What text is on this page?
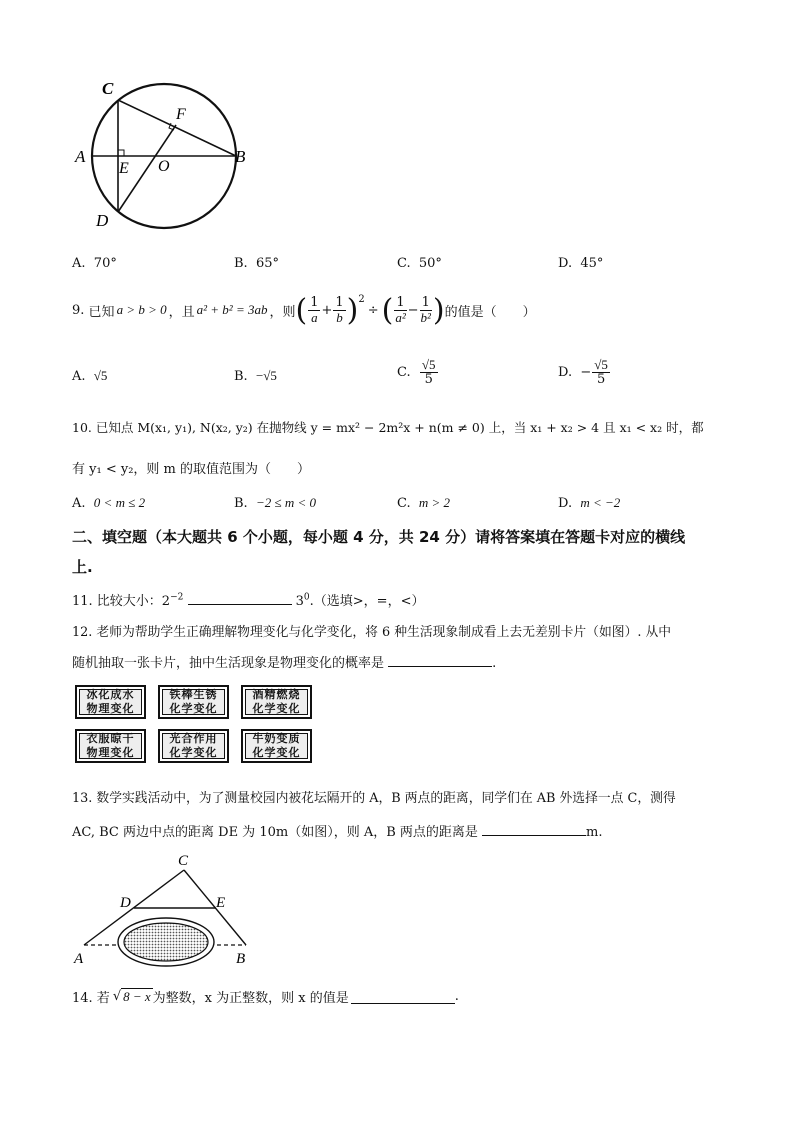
C
F
A
E O
B
D
A. 70°	B. 65°	C. 50°	D. 45°
9.
已知 a > b > 0 ，且 a² + b² = 3ab ，则 ( $\frac{1}{a} + \frac{1}{b} )^2$
÷ ( $\frac{1}{\text{a²}} - \frac{1}{\text{b²}}$ ) 的值是（　　）
A. √5	B. −√5	C.
$\frac{√5}{5}$	D.
− $\frac{√5}{5}$
10. 已知点 M(x₁, y₁), N(x₂, y₂) 在抛物线 y = mx² − 2m²x + n(m ≠ 0) 上，当 x₁ + x₂ > 4 且 x₁ < x₂ 时，都
有 y₁ < y₂，则 m 的取值范围为（　　）
A. 0 < m ≤ 2	B. −2 ≤ m < 0	C. m > 2	D. m < −2
二、填空题（本大题共 6 个小题，每小题 4 分，共 24 分）请将答案填在答题卡对应的横线
上.
11. 比较大小：$2^{-2}$	$3^0$.（选填>，=，<）
12. 老师为帮助学生正确理解物理变化与化学变化，将 6 种生活现象制成看上去无差别卡片（如图）. 从中
随机抽取一张卡片，抽中生活现象是物理变化的概率是	.
冰化成水
物理变化
铁棒生锈
化学变化
酒精燃烧
化学变化
衣服晾干
物理变化
光合作用
化学变化
牛奶变质
化学变化
13. 数学实践活动中，为了测量校园内被花坛隔开的 A，B 两点的距离，同学们在 AB 外选择一点 C，测得
AC, BC 两边中点的距离 DE 为 10m（如图），则 A，B 两点的距离是	m.
C
D	E
A	B
14. 若 √ 8 − x 为整数，x 为正整数，则 x 的值是	.
